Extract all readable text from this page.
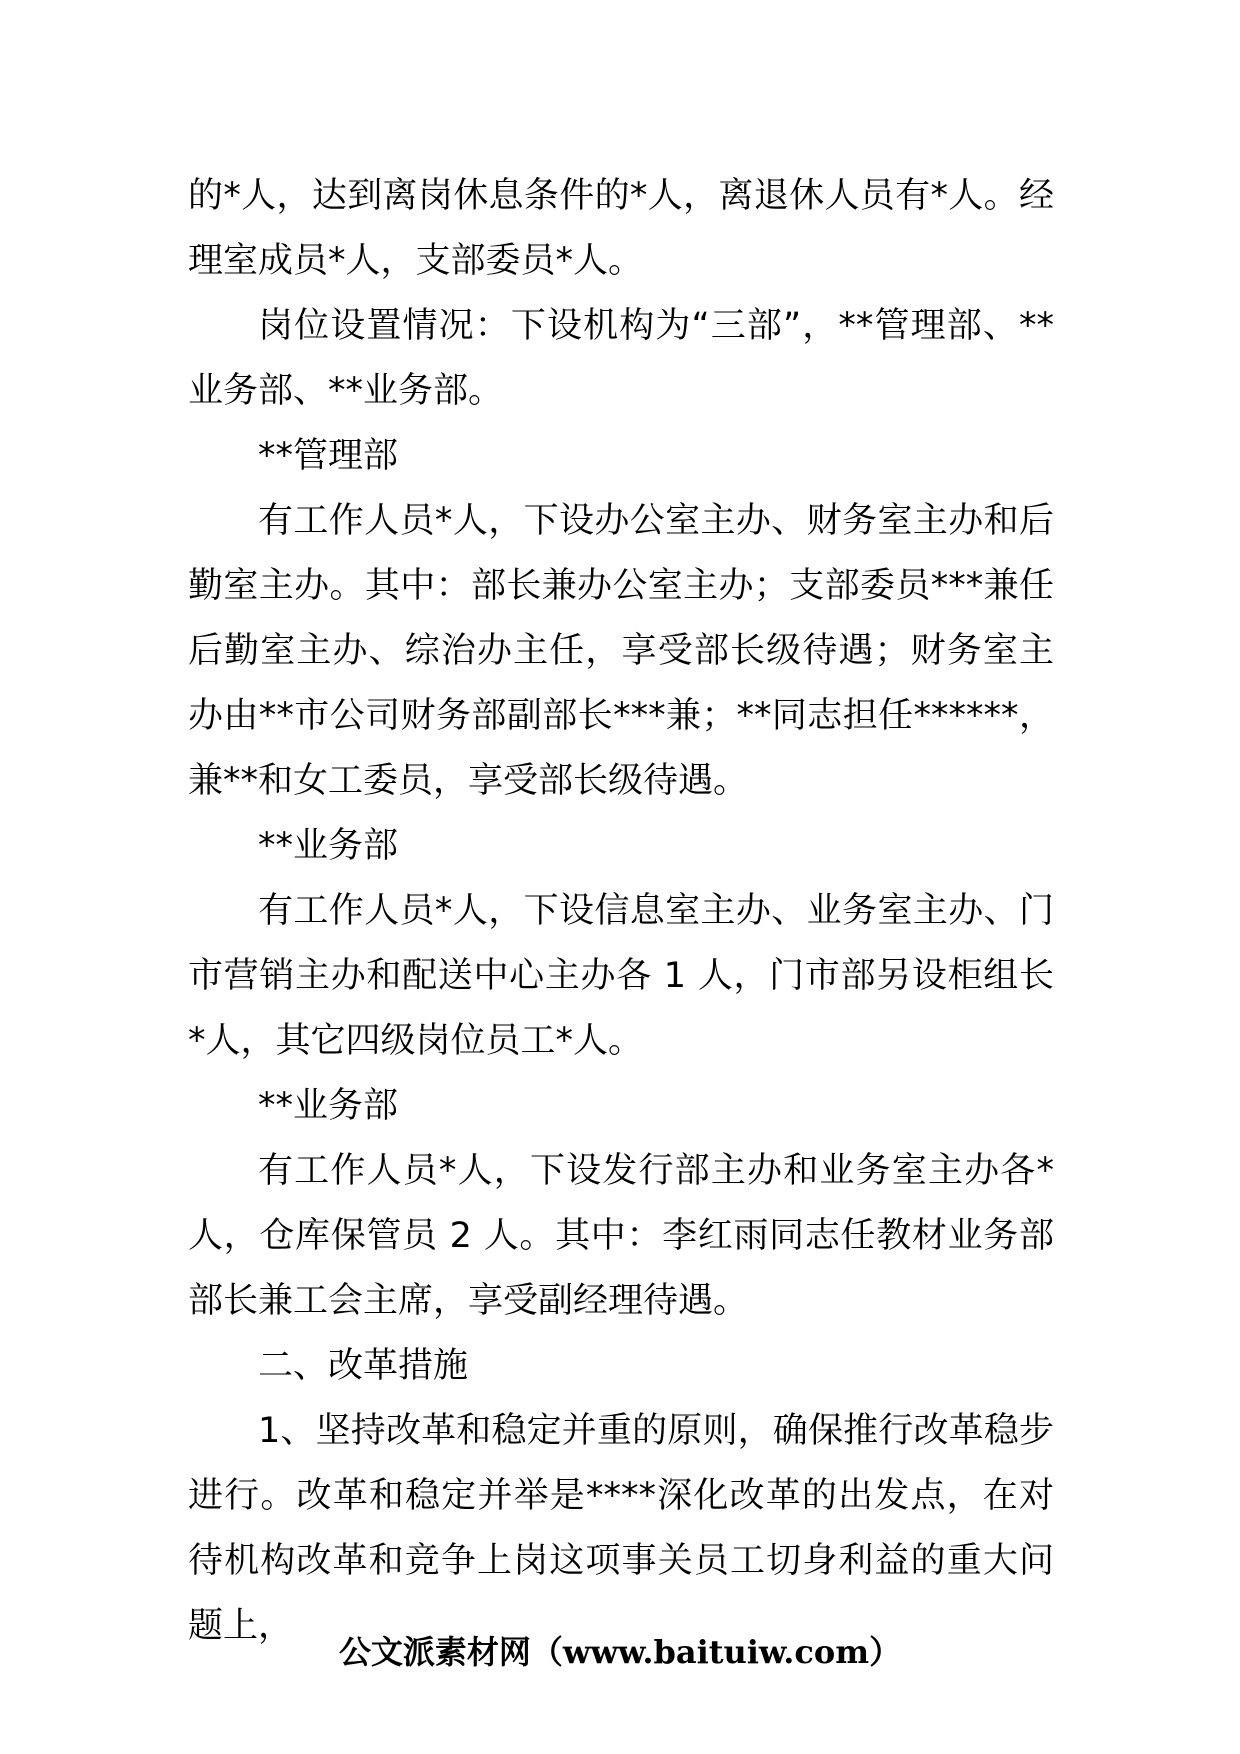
的*人，达到离岗休息条件的*人，离退休人员有*人。经理室成员*人，支部委员*人。

岗位设置情况：下设机构为“三部”，**管理部、**业务部、**业务部。

**管理部

有工作人员*人，下设办公室主办、财务室主办和后勤室主办。其中：部长兼办公室主办；支部委员***兼任后勤室主办、综治办主任，享受部长级待遇；财务室主办由**市公司财务部副部长***兼；**同志担任******，兼**和女工委员，享受部长级待遇。

**业务部

有工作人员*人，下设信息室主办、业务室主办、门市营销主办和配送中心主办各 1 人，门市部另设柜组长*人，其它四级岗位员工*人。

**业务部

有工作人员*人，下设发行部主办和业务室主办各*人，仓库保管员 2 人。其中：李红雨同志任教材业务部部长兼工会主席，享受副经理待遇。

二、改革措施

1、坚持改革和稳定并重的原则，确保推行改革稳步进行。改革和稳定并举是****深化改革的出发点，在对待机构改革和竞争上岗这项事关员工切身利益的重大问题上，

公文派素材网（www.baituiw.com）
